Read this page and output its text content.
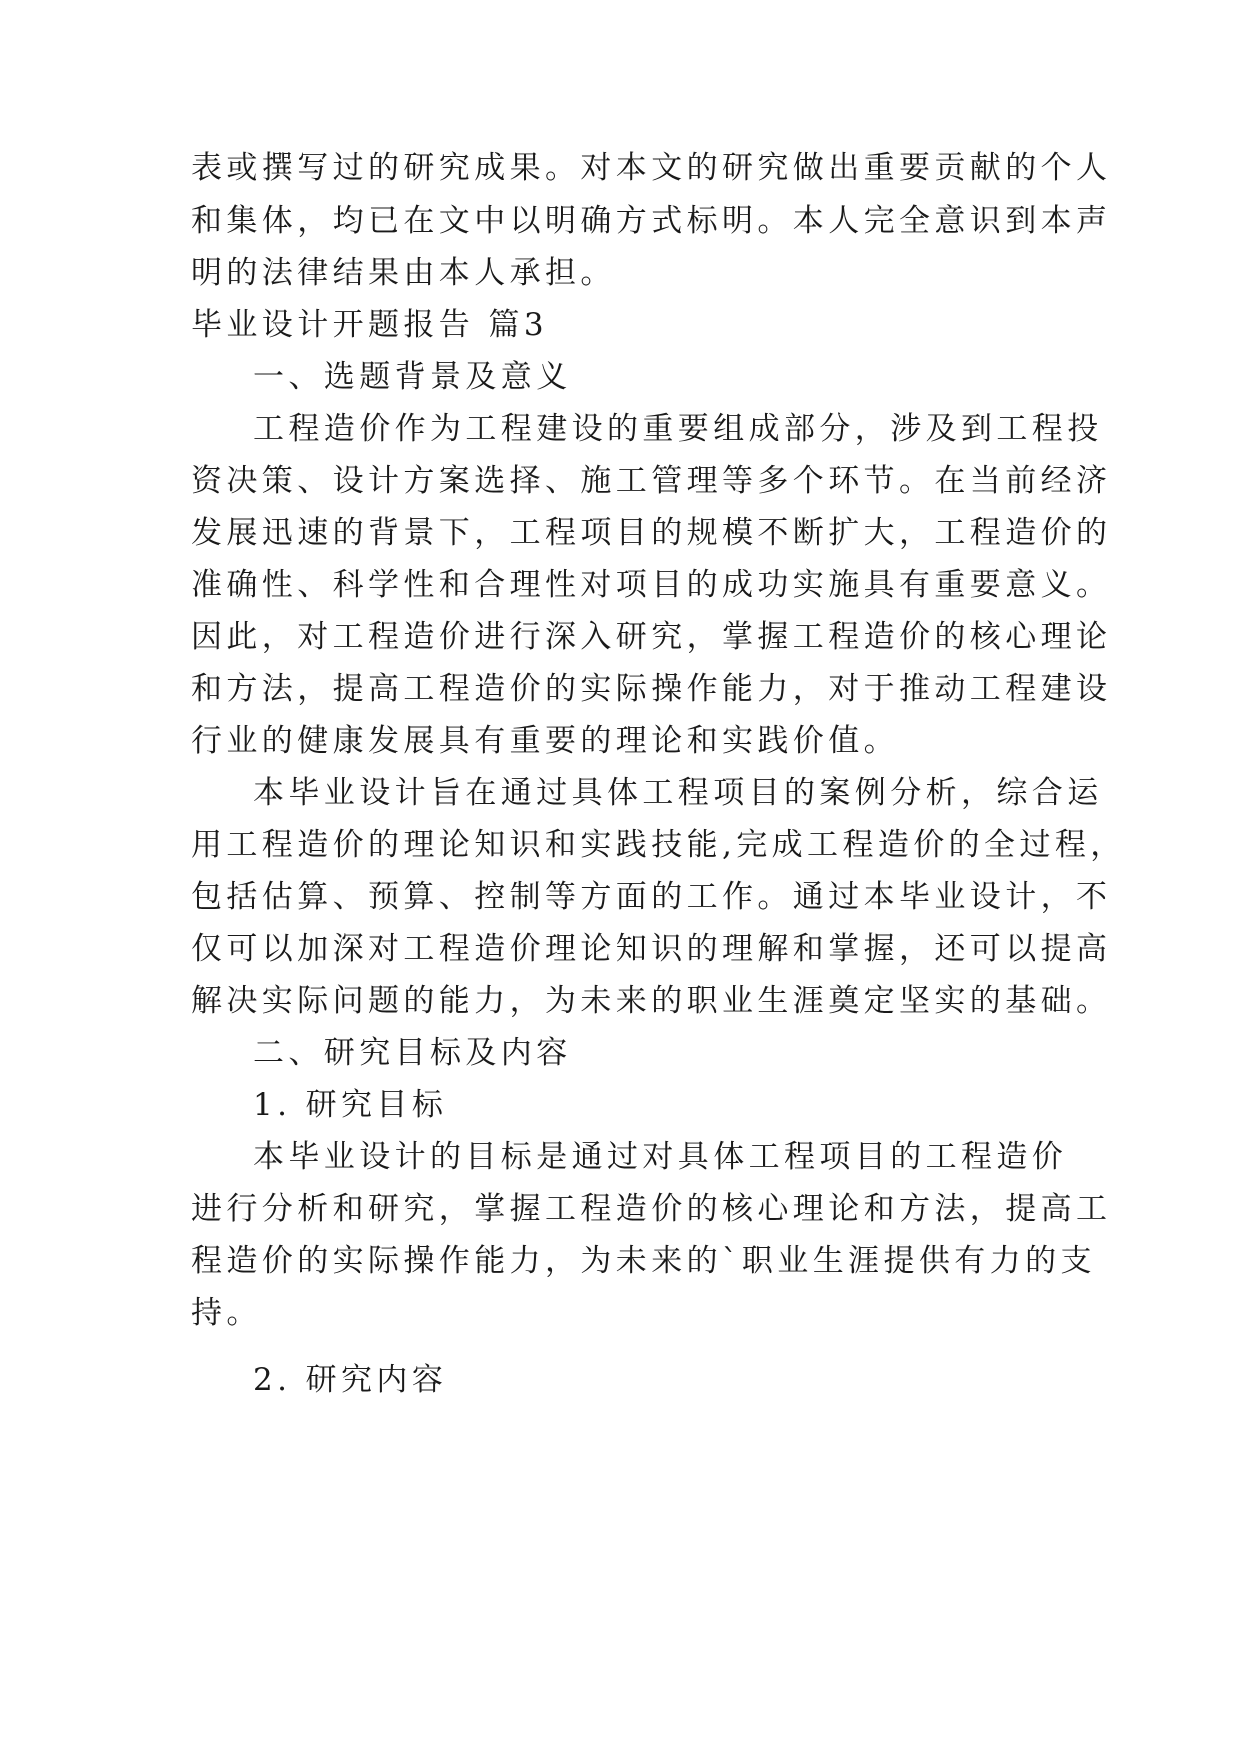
表或撰写过的研究成果。对本文的研究做出重要贡献的个人
和集体，均已在文中以明确方式标明。本人完全意识到本声
明的法律结果由本人承担。
毕业设计开题报告 篇3
一、选题背景及意义
工程造价作为工程建设的重要组成部分，涉及到工程投
资决策、设计方案选择、施工管理等多个环节。在当前经济
发展迅速的背景下，工程项目的规模不断扩大，工程造价的
准确性、科学性和合理性对项目的成功实施具有重要意义。
因此，对工程造价进行深入研究，掌握工程造价的核心理论
和方法，提高工程造价的实际操作能力，对于推动工程建设
行业的健康发展具有重要的理论和实践价值。
本毕业设计旨在通过具体工程项目的案例分析，综合运
用工程造价的理论知识和实践技能,完成工程造价的全过程，
包括估算、预算、控制等方面的工作。通过本毕业设计，不
仅可以加深对工程造价理论知识的理解和掌握，还可以提高
解决实际问题的能力，为未来的职业生涯奠定坚实的基础。
二、研究目标及内容
1. 研究目标
本毕业设计的目标是通过对具体工程项目的工程造价
进行分析和研究，掌握工程造价的核心理论和方法，提高工
程造价的实际操作能力，为未来的`职业生涯提供有力的支
持。
2. 研究内容
